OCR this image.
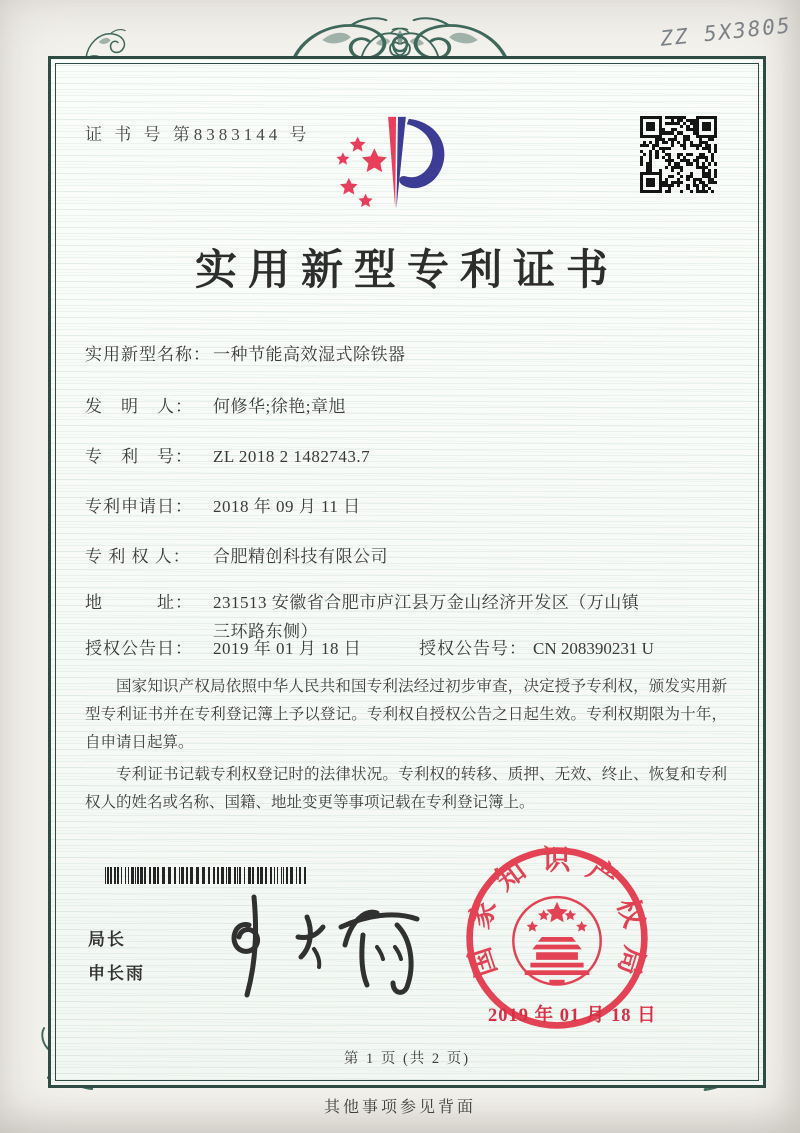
ZZ 5X3805
证 书 号 第8383144 号
实用新型专利证书
实用新型名称： 一种节能高效湿式除铁器
发　明　人：	何修华;徐艳;章旭
专　利　号：	ZL 2018 2 1482743.7
专利申请日：	2018 年 09 月 11 日
专 利 权 人：	合肥精创科技有限公司
地　　　址：	231513 安徽省合肥市庐江县万金山经济开发区（万山镇三环路东侧）
授权公告日：	2019 年 01 月 18 日	授权公告号： CN 208390231 U

国家知识产权局依照中华人民共和国专利法经过初步审查，决定授予专利权，颁发实用新型专利证书并在专利登记簿上予以登记。专利权自授权公告之日起生效。专利权期限为十年，自申请日起算。

专利证书记载专利权登记时的法律状况。专利权的转移、质押、无效、终止、恢复和专利权人的姓名或名称、国籍、地址变更等事项记载在专利登记簿上。

局长
申长雨	国家知识产权局
2019 年 01 月 18 日
第 1 页 (共 2 页)
其他事项参见背面
